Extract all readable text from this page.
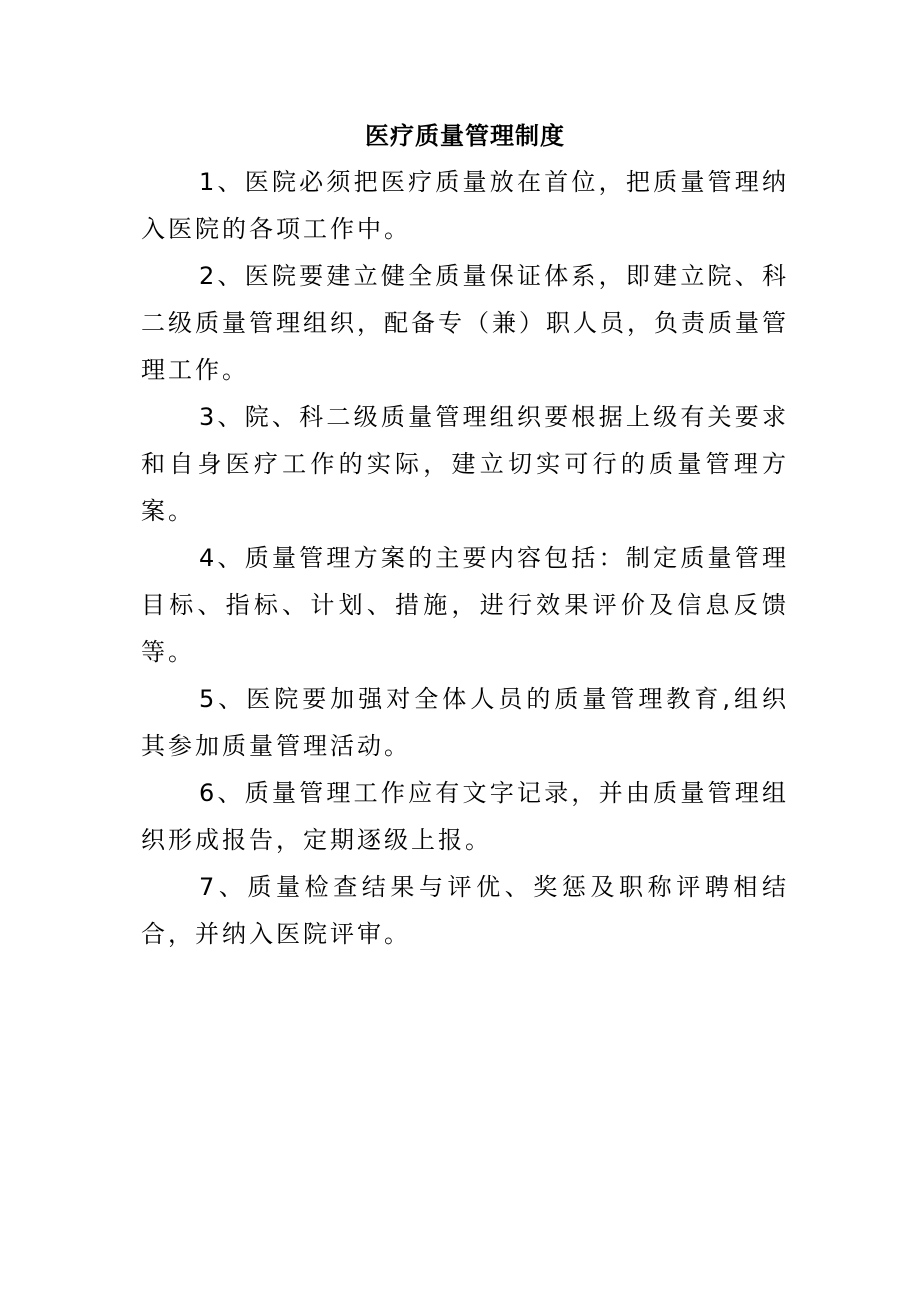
医疗质量管理制度

1、医院必须把医疗质量放在首位，把质量管理纳入医院的各项工作中。

2、医院要建立健全质量保证体系，即建立院、科二级质量管理组织，配备专（兼）职人员，负责质量管理工作。

3、院、科二级质量管理组织要根据上级有关要求和自身医疗工作的实际，建立切实可行的质量管理方案。

4、质量管理方案的主要内容包括：制定质量管理目标、指标、计划、措施，进行效果评价及信息反馈等。

5、医院要加强对全体人员的质量管理教育,组织其参加质量管理活动。

6、质量管理工作应有文字记录，并由质量管理组织形成报告，定期逐级上报。

7、质量检查结果与评优、奖惩及职称评聘相结合，并纳入医院评审。
